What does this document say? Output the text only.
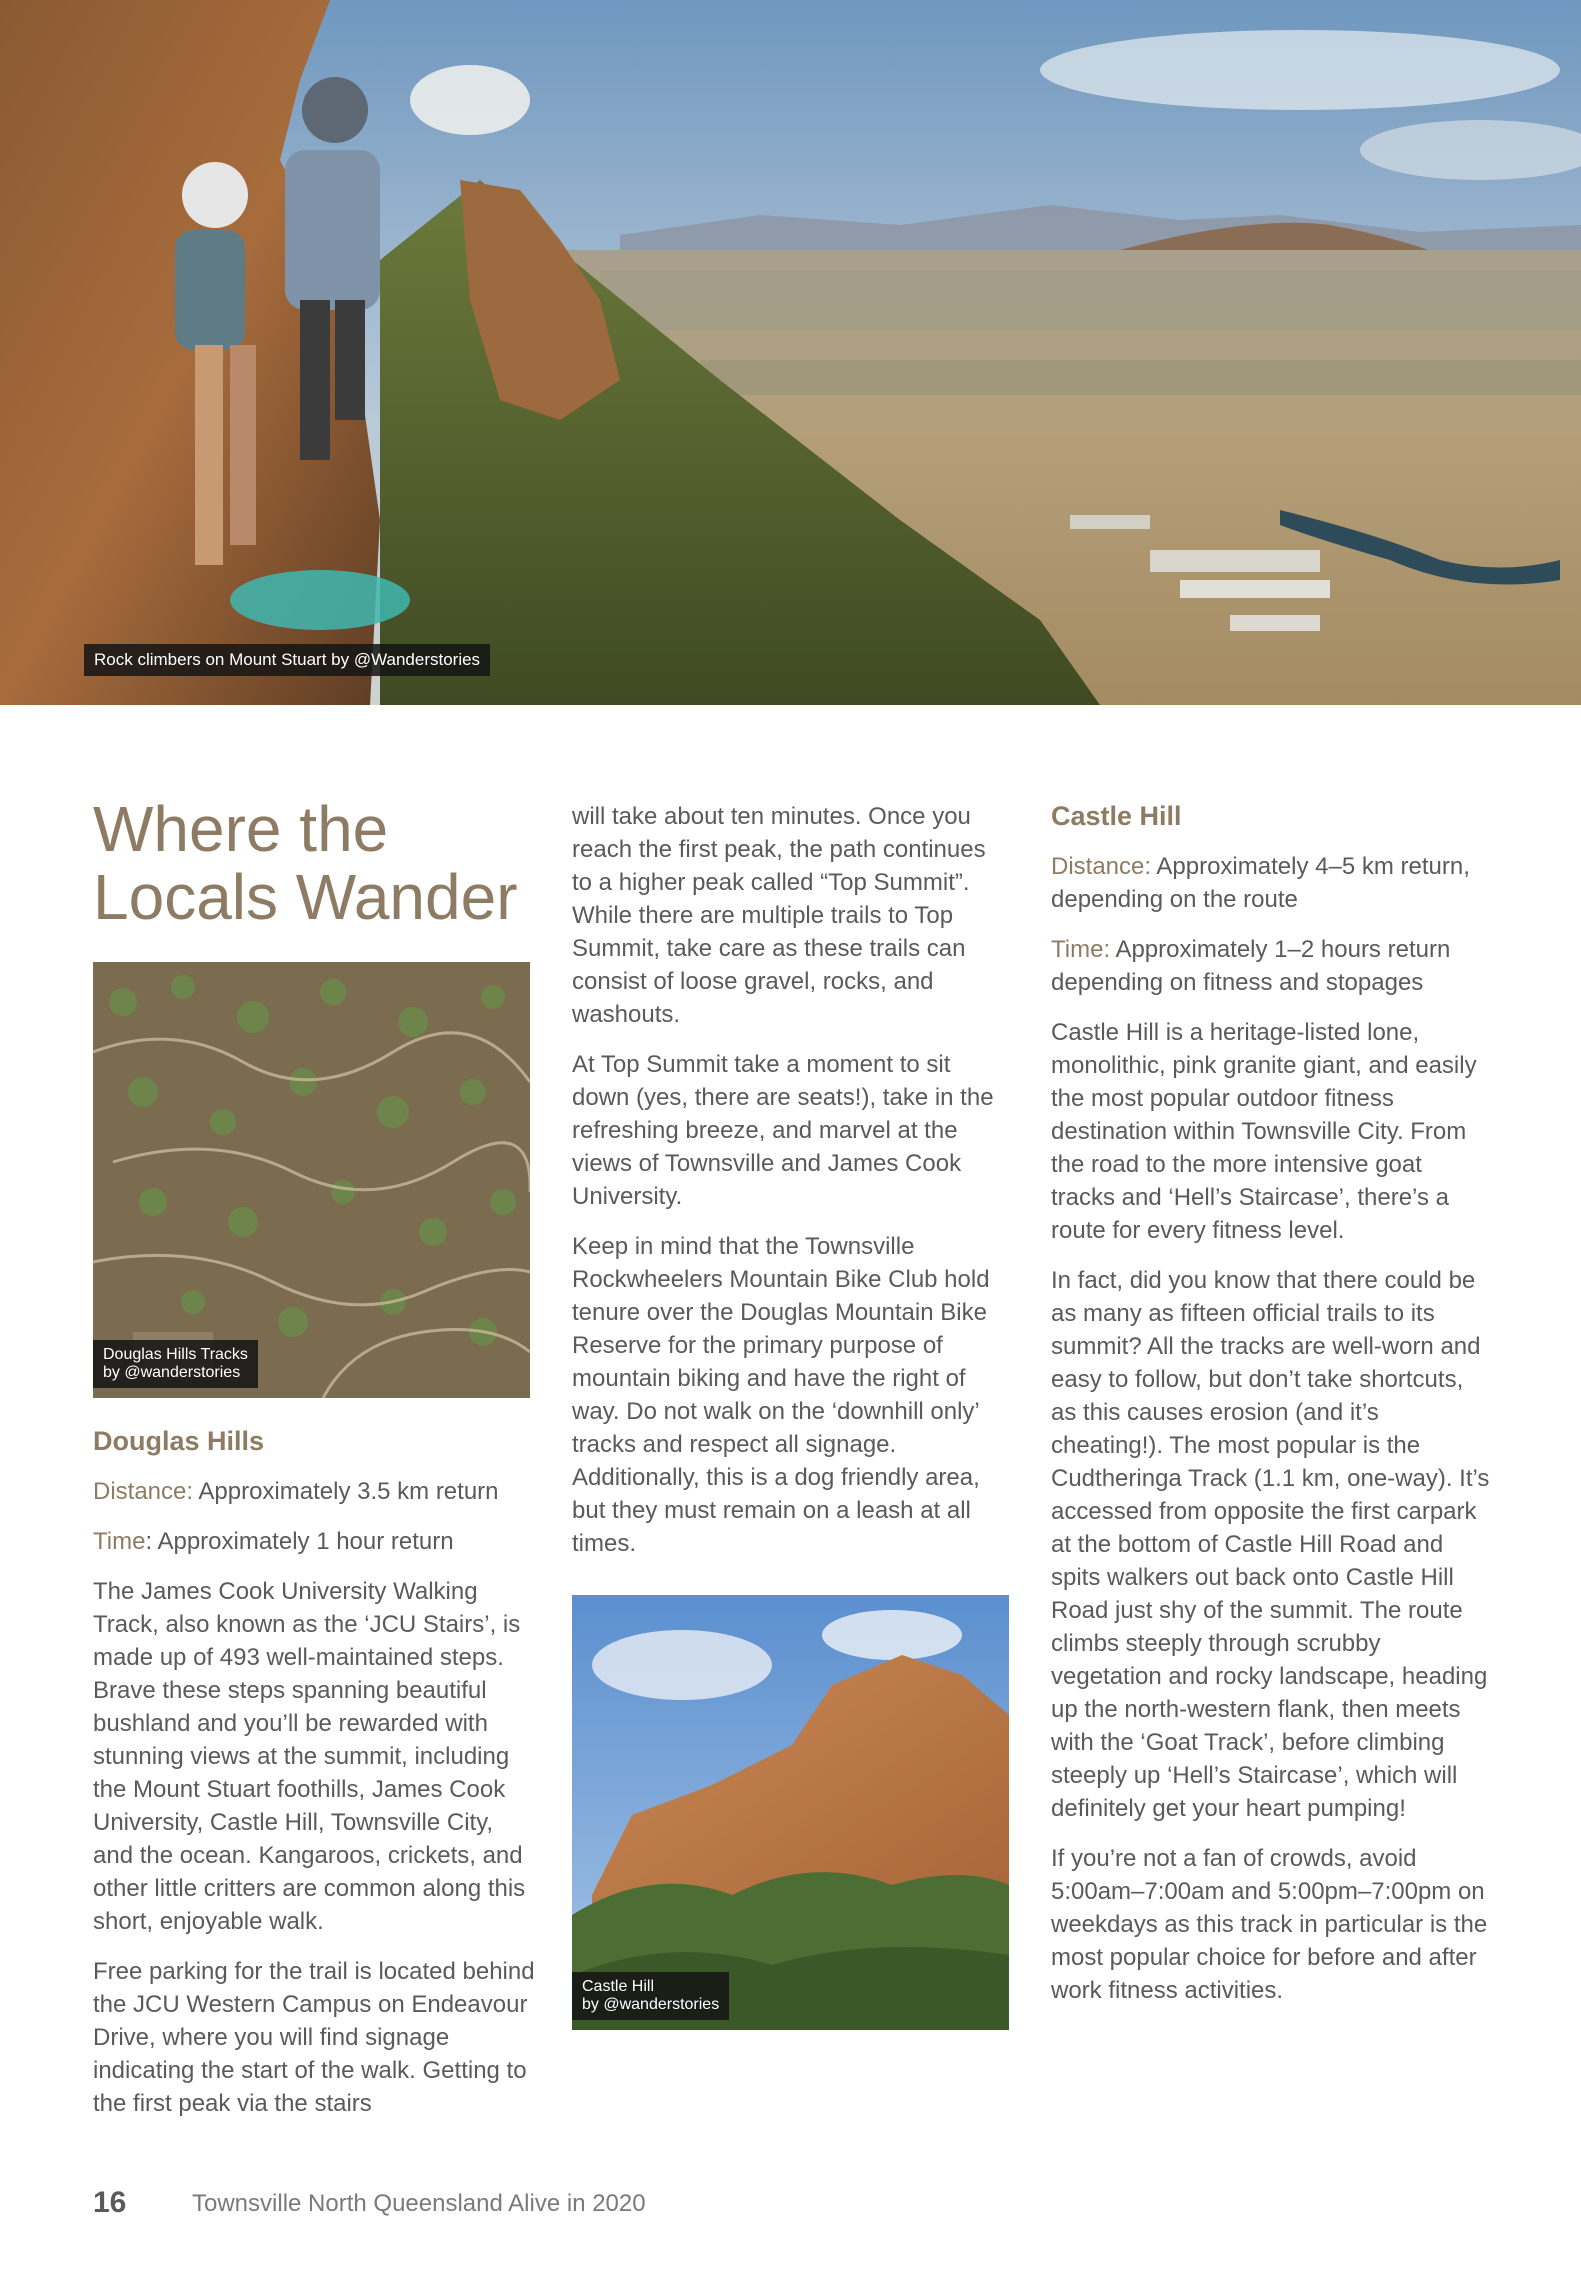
Rock climbers on Mount Stuart by @Wanderstories
Where the
Locals Wander
Douglas Hills Tracks
by @wanderstories
Douglas Hills

Distance: Approximately 3.5 km return

Time: Approximately 1 hour return

The James Cook University Walking Track, also known as the ‘JCU Stairs’, is made up of 493 well-maintained steps. Brave these steps spanning beautiful bushland and you’ll be rewarded with stunning views at the summit, including the Mount Stuart foothills, James Cook University, Castle Hill, Townsville City, and the ocean. Kangaroos, crickets, and other little critters are common along this short, enjoyable walk.

Free parking for the trail is located behind the JCU Western Campus on Endeavour Drive, where you will find signage indicating the start of the walk. Getting to the first peak via the stairs

will take about ten minutes. Once you reach the first peak, the path continues to a higher peak called “Top Summit”. While there are multiple trails to Top Summit, take care as these trails can consist of loose gravel, rocks, and washouts.

At Top Summit take a moment to sit down (yes, there are seats!), take in the refreshing breeze, and marvel at the views of Townsville and James Cook University.

Keep in mind that the Townsville Rockwheelers Mountain Bike Club hold tenure over the Douglas Mountain Bike Reserve for the primary purpose of mountain biking and have the right of way. Do not walk on the ‘downhill only’ tracks and respect all signage. Additionally, this is a dog friendly area, but they must remain on a leash at all times.

Castle Hill
by @wanderstories
Castle Hill

Distance: Approximately 4–5 km return, depending on the route

Time: Approximately 1–2 hours return depending on fitness and stopages

Castle Hill is a heritage-listed lone, monolithic, pink granite giant, and easily the most popular outdoor fitness destination within Townsville City. From the road to the more intensive goat tracks and ‘Hell’s Staircase’, there’s a route for every fitness level.

In fact, did you know that there could be as many as fifteen official trails to its summit? All the tracks are well-worn and easy to follow, but don’t take shortcuts, as this causes erosion (and it’s cheating!). The most popular is the Cudtheringa Track (1.1 km, one-way). It’s accessed from opposite the first carpark at the bottom of Castle Hill Road and spits walkers out back onto Castle Hill Road just shy of the summit. The route climbs steeply through scrubby vegetation and rocky landscape, heading up the north-western flank, then meets with the ‘Goat Track’, before climbing steeply up ‘Hell’s Staircase’, which will definitely get your heart pumping!

If you’re not a fan of crowds, avoid 5:00am–7:00am and 5:00pm–7:00pm on weekdays as this track in particular is the most popular choice for before and after work fitness activities.

16	Townsville North Queensland Alive in 2020
